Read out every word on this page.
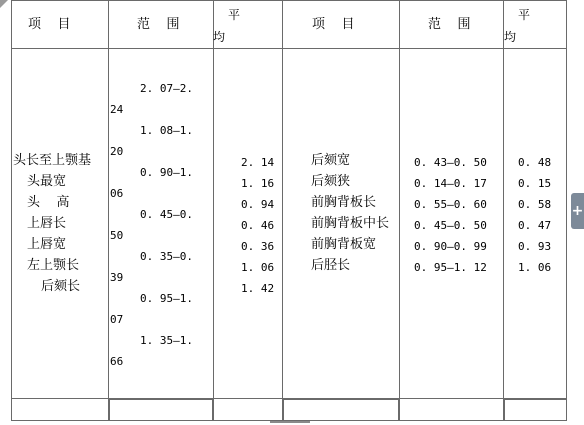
项    目	范    围
平
均
项    目	范    围
平
均
头长至上颚基
头最宽
头    高
上唇长
上唇宽
左上颚长
后颏长
2. 07—2.
24
1. 08—1.
20
0. 90—1.
06
0. 45—0.
50
0. 35—0.
39
0. 95—1.
07
1. 35—1.
66
2. 14
1. 16
0. 94
0. 46
0. 36
1. 06
1. 42
后颏宽
后颏狭
前胸背板长
前胸背板中长
前胸背板宽
后胫长
0. 43—0. 50
0. 14—0. 17
0. 55—0. 60
0. 45—0. 50
0. 90—0. 99
0. 95—1. 12
0. 48
0. 15
0. 58
0. 47
0. 93
1. 06
+
